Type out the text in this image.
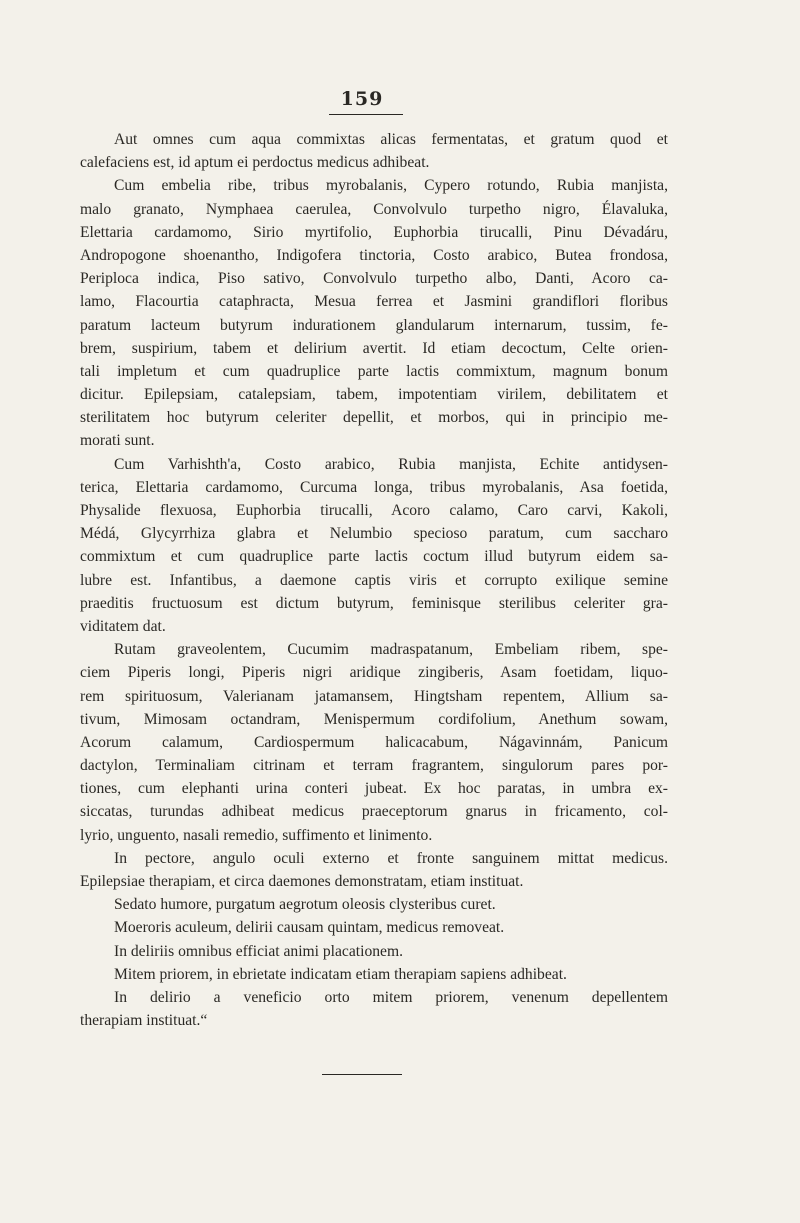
159
Aut omnes cum aqua commixtas alicas fermentatas, et gratum quod et
calefaciens est, id aptum ei perdoctus medicus adhibeat.
Cum embelia ribe, tribus myrobalanis, Cypero rotundo, Rubia manjista,
malo granato, Nymphaea caerulea, Convolvulo turpetho nigro, Élavaluka,
Elettaria cardamomo, Sirio myrtifolio, Euphorbia tirucalli, Pinu Dévadáru,
Andropogone shoenantho, Indigofera tinctoria, Costo arabico, Butea frondosa,
Periploca indica, Piso sativo, Convolvulo turpetho albo, Danti, Acoro ca-
lamo, Flacourtia cataphracta, Mesua ferrea et Jasmini grandiflori floribus
paratum lacteum butyrum indurationem glandularum internarum, tussim, fe-
brem, suspirium, tabem et delirium avertit. Id etiam decoctum, Celte orien-
tali impletum et cum quadruplice parte lactis commixtum, magnum bonum
dicitur. Epilepsiam, catalepsiam, tabem, impotentiam virilem, debilitatem et
sterilitatem hoc butyrum celeriter depellit, et morbos, qui in principio me-
morati sunt.
Cum Varhishth'a, Costo arabico, Rubia manjista, Echite antidysen-
terica, Elettaria cardamomo, Curcuma longa, tribus myrobalanis, Asa foetida,
Physalide flexuosa, Euphorbia tirucalli, Acoro calamo, Caro carvi, Kakoli,
Médá, Glycyrrhiza glabra et Nelumbio specioso paratum, cum saccharo
commixtum et cum quadruplice parte lactis coctum illud butyrum eidem sa-
lubre est. Infantibus, a daemone captis viris et corrupto exilique semine
praeditis fructuosum est dictum butyrum, feminisque sterilibus celeriter gra-
viditatem dat.
Rutam graveolentem, Cucumim madraspatanum, Embeliam ribem, spe-
ciem Piperis longi, Piperis nigri aridique zingiberis, Asam foetidam, liquo-
rem spirituosum, Valerianam jatamansem, Hingtsham repentem, Allium sa-
tivum, Mimosam octandram, Menispermum cordifolium, Anethum sowam,
Acorum calamum, Cardiospermum halicacabum, Nágavinnám, Panicum
dactylon, Terminaliam citrinam et terram fragrantem, singulorum pares por-
tiones, cum elephanti urina conteri jubeat. Ex hoc paratas, in umbra ex-
siccatas, turundas adhibeat medicus praeceptorum gnarus in fricamento, col-
lyrio, unguento, nasali remedio, suffimento et linimento.
In pectore, angulo oculi externo et fronte sanguinem mittat medicus.
Epilepsiae therapiam, et circa daemones demonstratam, etiam instituat.
Sedato humore, purgatum aegrotum oleosis clysteribus curet.
Moeroris aculeum, delirii causam quintam, medicus removeat.
In deliriis omnibus efficiat animi placationem.
Mitem priorem, in ebrietate indicatam etiam therapiam sapiens adhibeat.
In delirio a veneficio orto mitem priorem, venenum depellentem
therapiam instituat.“
